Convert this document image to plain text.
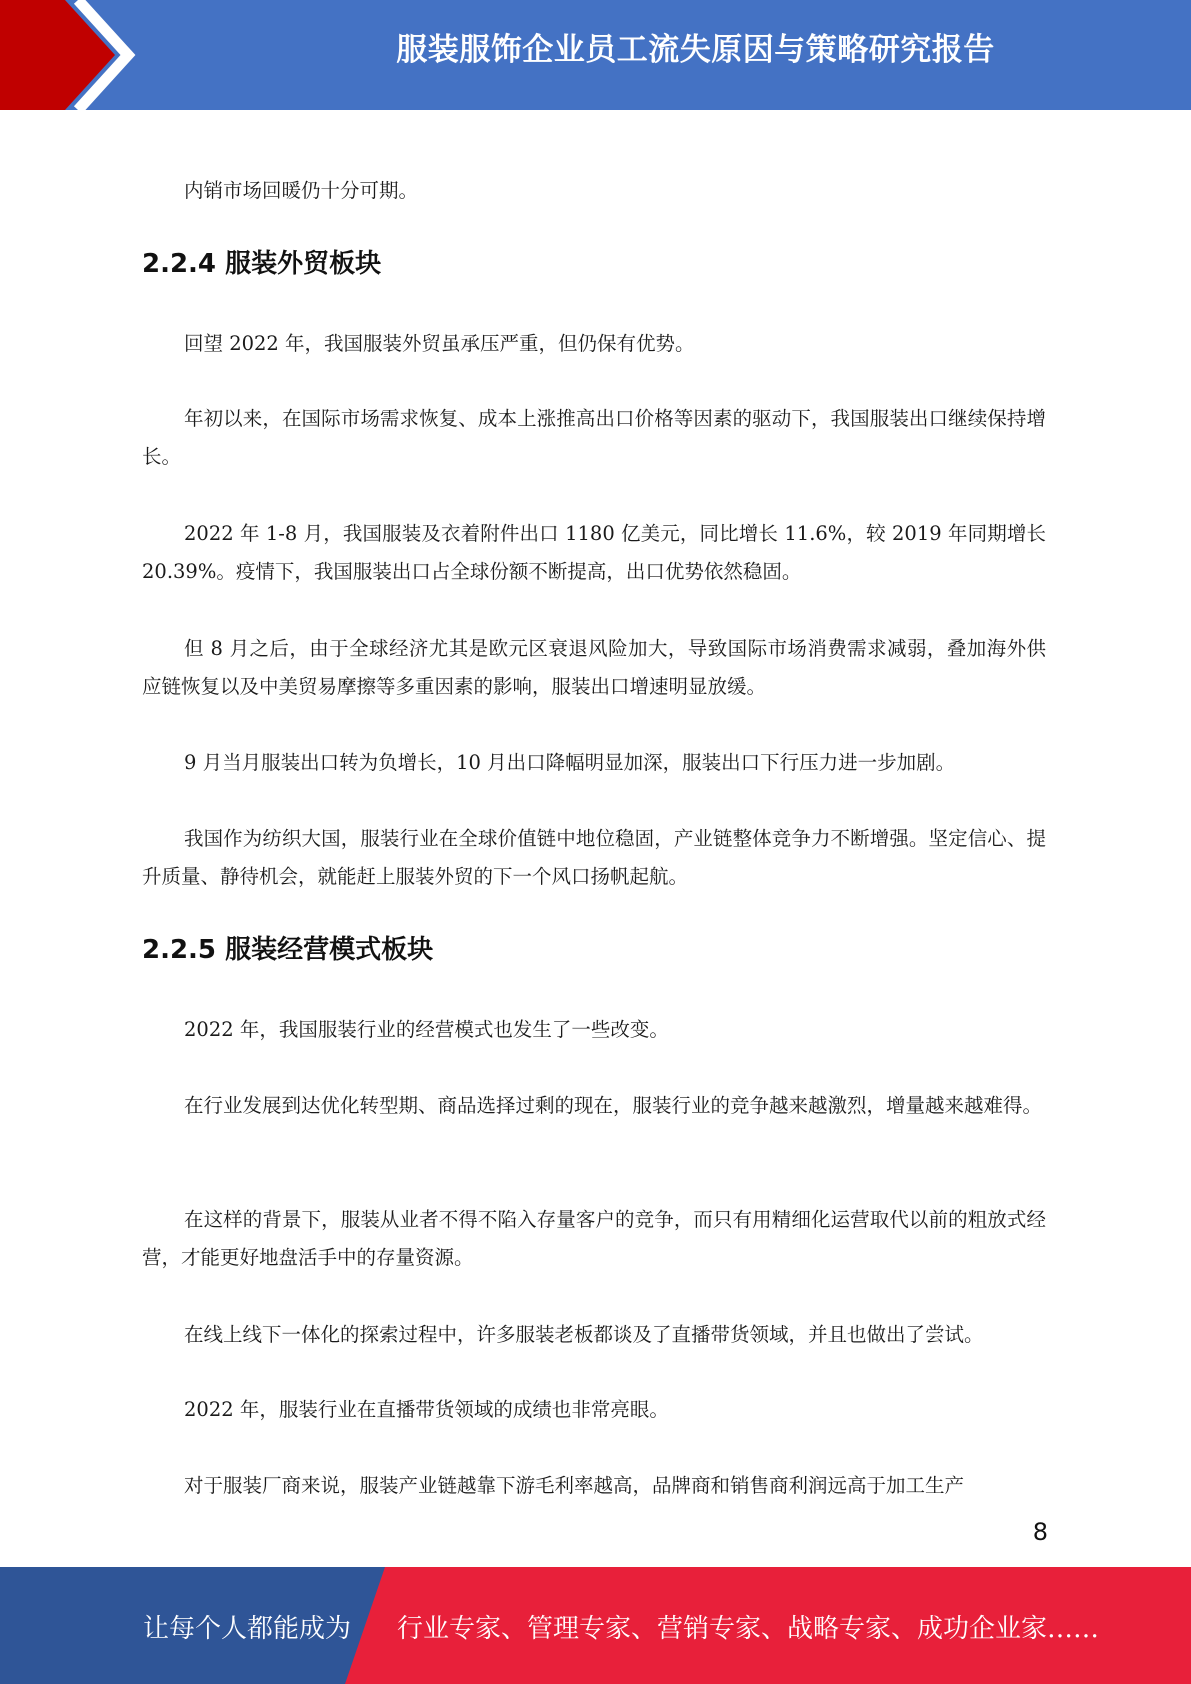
服装服饰企业员工流失原因与策略研究报告

内销市场回暖仍十分可期。

2.2.4 服装外贸板块

回望 2022 年，我国服装外贸虽承压严重，但仍保有优势。

年初以来，在国际市场需求恢复、成本上涨推高出口价格等因素的驱动下，我国服装出口继续保持增长。

2022 年 1-8 月，我国服装及衣着附件出口 1180 亿美元，同比增长 11.6%，较 2019 年同期增长 20.39%。疫情下，我国服装出口占全球份额不断提高，出口优势依然稳固。

但 8 月之后，由于全球经济尤其是欧元区衰退风险加大，导致国际市场消费需求减弱，叠加海外供应链恢复以及中美贸易摩擦等多重因素的影响，服装出口增速明显放缓。

9 月当月服装出口转为负增长，10 月出口降幅明显加深，服装出口下行压力进一步加剧。

我国作为纺织大国，服装行业在全球价值链中地位稳固，产业链整体竞争力不断增强。坚定信心、提升质量、静待机会，就能赶上服装外贸的下一个风口扬帆起航。

2.2.5 服装经营模式板块

2022 年，我国服装行业的经营模式也发生了一些改变。

在行业发展到达优化转型期、商品选择过剩的现在，服装行业的竞争越来越激烈，增量越来越难得。

在这样的背景下，服装从业者不得不陷入存量客户的竞争，而只有用精细化运营取代以前的粗放式经营，才能更好地盘活手中的存量资源。

在线上线下一体化的探索过程中，许多服装老板都谈及了直播带货领域，并且也做出了尝试。

2022 年，服装行业在直播带货领域的成绩也非常亮眼。

对于服装厂商来说，服装产业链越靠下游毛利率越高，品牌商和销售商利润远高于加工生产

8
让每个人都能成为 行业专家、管理专家、营销专家、战略专家、成功企业家……
